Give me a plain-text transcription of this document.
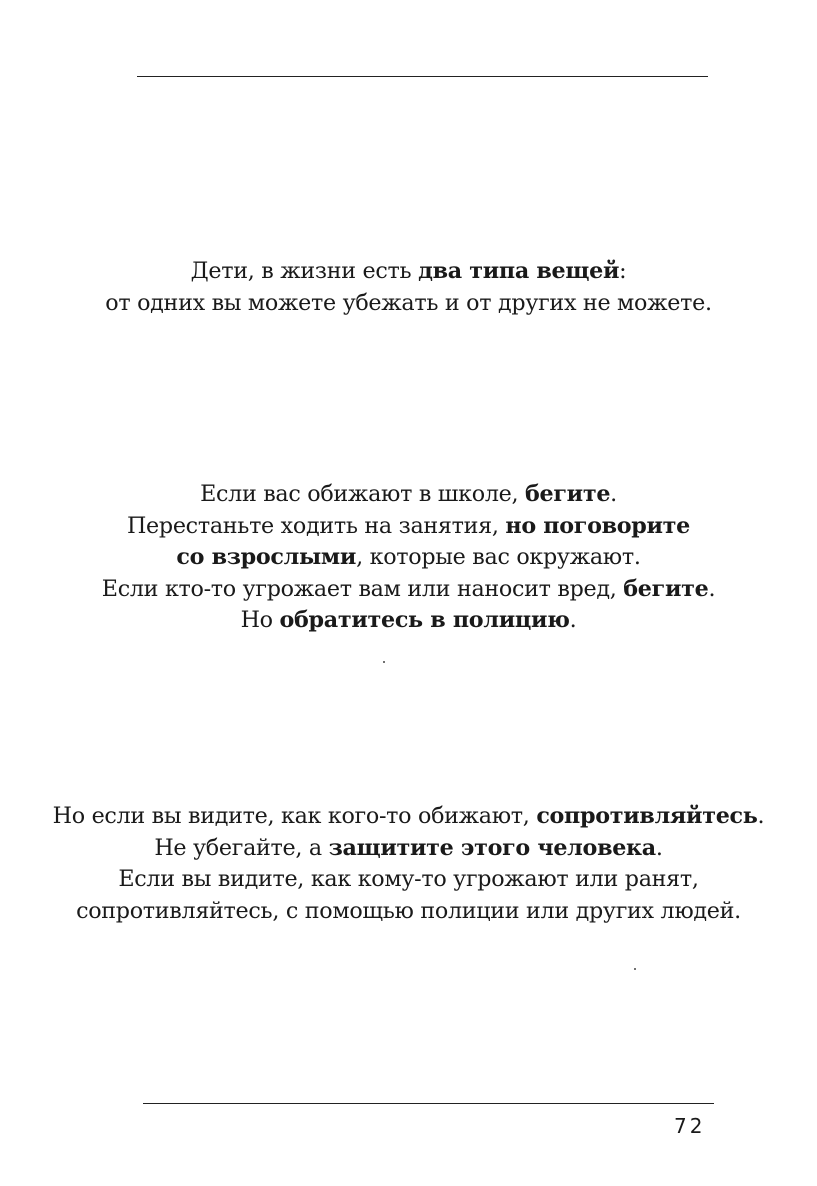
Дети, в жизни есть два типа вещей:
от одних вы можете убежать и от других не можете.
Если вас обижают в школе, бегите.
Перестаньте ходить на занятия, но поговорите
со взрослыми, которые вас окружают.
Если кто-то угрожает вам или наносит вред, бегите.
Но обратитесь в полицию.
Но если вы видите, как кого-то обижают, сопротивляйтесь.
Не убегайте, а защитите этого человека.
Если вы видите, как кому-то угрожают или ранят,
сопротивляйтесь, с помощью полиции или других людей.
72
